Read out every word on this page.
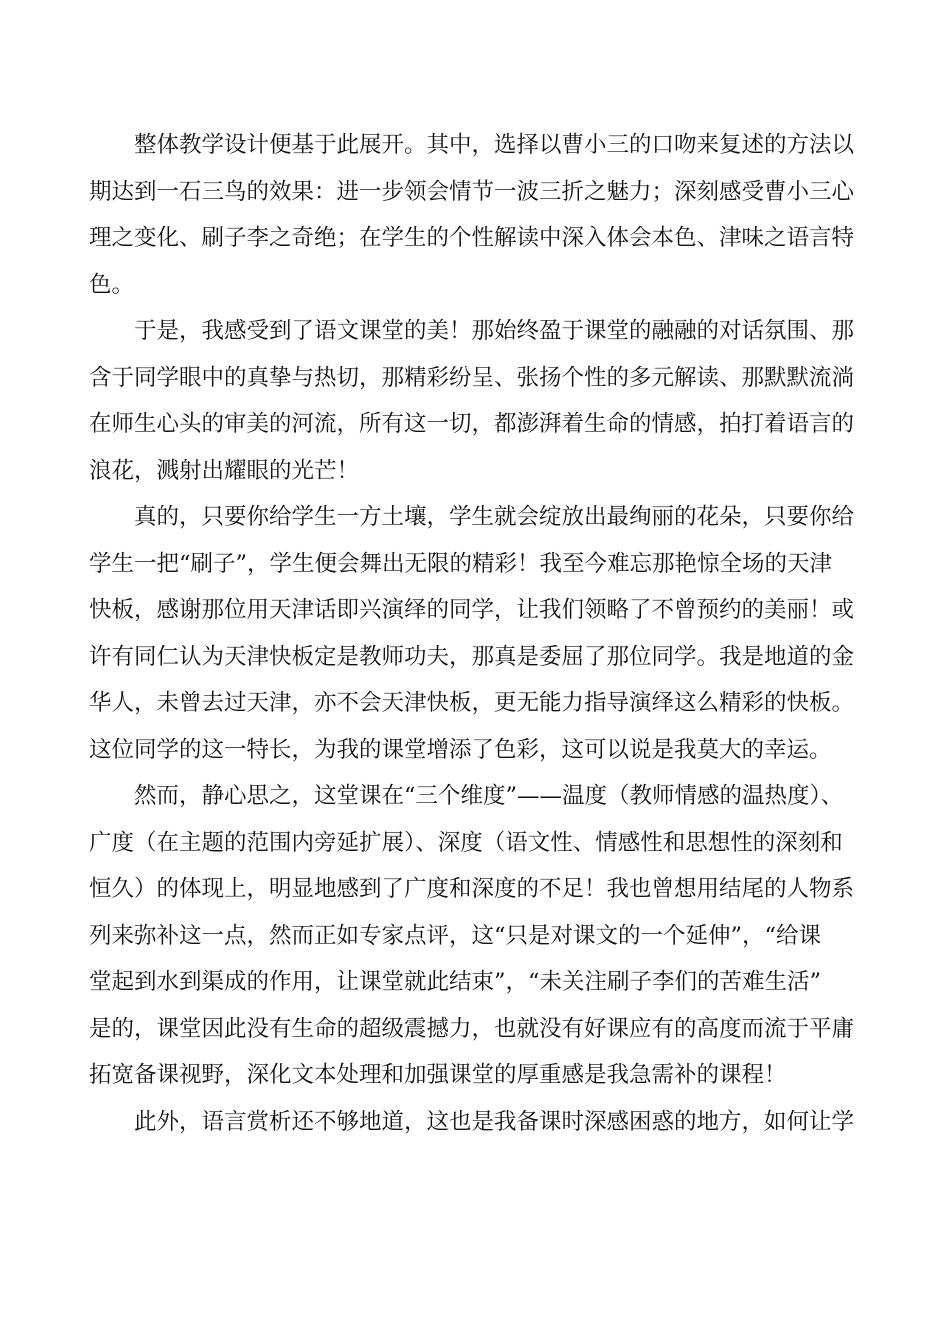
整体教学设计便基于此展开。其中，选择以曹小三的口吻来复述的方法以
期达到一石三鸟的效果：进一步领会情节一波三折之魅力；深刻感受曹小三心
理之变化、刷子李之奇绝；在学生的个性解读中深入体会本色、津味之语言特
色。

于是，我感受到了语文课堂的美！那始终盈于课堂的融融的对话氛围、那
含于同学眼中的真挚与热切，那精彩纷呈、张扬个性的多元解读、那默默流淌
在师生心头的审美的河流，所有这一切，都澎湃着生命的情感，拍打着语言的
浪花，溅射出耀眼的光芒！

真的，只要你给学生一方土壤，学生就会绽放出最绚丽的花朵，只要你给
学生一把“刷子”，学生便会舞出无限的精彩！我至今难忘那艳惊全场的天津
快板，感谢那位用天津话即兴演绎的同学，让我们领略了不曾预约的美丽！或
许有同仁认为天津快板定是教师功夫，那真是委屈了那位同学。我是地道的金
华人，未曾去过天津，亦不会天津快板，更无能力指导演绎这么精彩的快板。
这位同学的这一特长，为我的课堂增添了色彩，这可以说是我莫大的幸运。

然而，静心思之，这堂课在“三个维度”——温度（教师情感的温热度）、
广度（在主题的范围内旁延扩展）、深度（语文性、情感性和思想性的深刻和
恒久）的体现上，明显地感到了广度和深度的不足！我也曾想用结尾的人物系
列来弥补这一点，然而正如专家点评，这“只是对课文的一个延伸”，“给课
堂起到水到渠成的作用，让课堂就此结束”，“未关注刷子李们的苦难生活”
是的，课堂因此没有生命的超级震撼力，也就没有好课应有的高度而流于平庸
拓宽备课视野，深化文本处理和加强课堂的厚重感是我急需补的课程！

此外，语言赏析还不够地道，这也是我备课时深感困惑的地方，如何让学
